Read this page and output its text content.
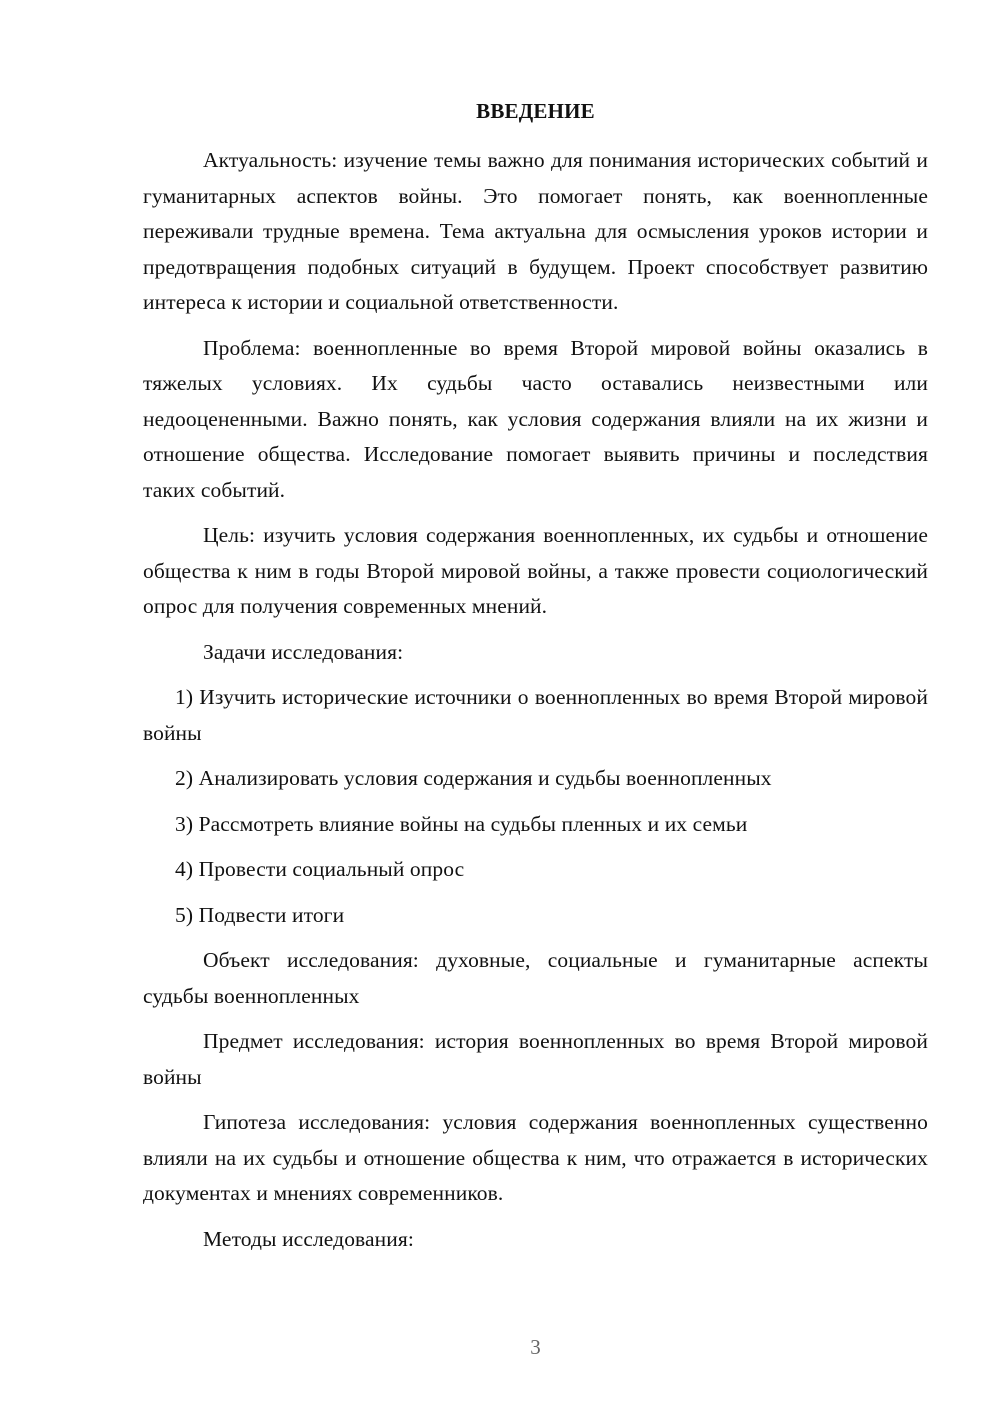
ВВЕДЕНИЕ

Актуальность: изучение темы важно для понимания исторических событий и гуманитарных аспектов войны. Это помогает понять, как военнопленные переживали трудные времена. Тема актуальна для осмысления уроков истории и предотвращения подобных ситуаций в будущем. Проект способствует развитию интереса к истории и социальной ответственности.

Проблема: военнопленные во время Второй мировой войны оказались в тяжелых условиях. Их судьбы часто оставались неизвестными или недооцененными. Важно понять, как условия содержания влияли на их жизни и отношение общества. Исследование помогает выявить причины и последствия таких событий.

Цель: изучить условия содержания военнопленных, их судьбы и отношение общества к ним в годы Второй мировой войны, а также провести социологический опрос для получения современных мнений.

Задачи исследования:

1) Изучить исторические источники о военнопленных во время Второй мировой войны

2) Анализировать условия содержания и судьбы военнопленных

3) Рассмотреть влияние войны на судьбы пленных и их семьи

4) Провести социальный опрос

5) Подвести итоги

Объект исследования: духовные, социальные и гуманитарные аспекты судьбы военнопленных

Предмет исследования: история военнопленных во время Второй мировой войны

Гипотеза исследования: условия содержания военнопленных существенно влияли на их судьбы и отношение общества к ним, что отражается в исторических документах и мнениях современников.

Методы исследования:

3
